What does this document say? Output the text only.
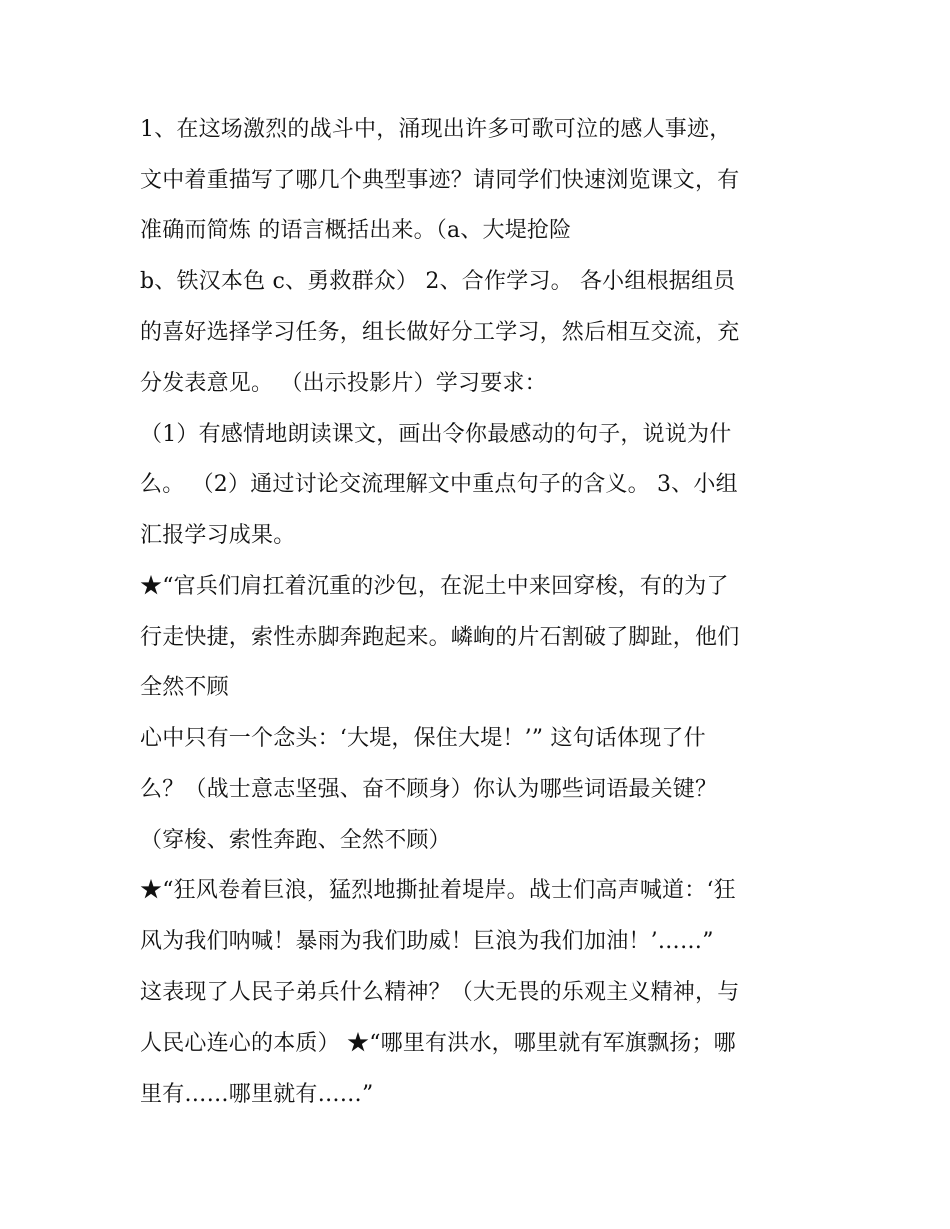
1、在这场激烈的战斗中，涌现出许多可歌可泣的感人事迹，
文中着重描写了哪几个典型事迹？请同学们快速浏览课文，有
准确而简炼 的语言概括出来。（a、大堤抢险
b、铁汉本色 c、勇救群众） 2、合作学习。 各小组根据组员
的喜好选择学习任务，组长做好分工学习，然后相互交流，充
分发表意见。 （出示投影片）学习要求：
（1）有感情地朗读课文，画出令你最感动的句子，说说为什
么。 （2）通过讨论交流理解文中重点句子的含义。 3、小组
汇报学习成果。
★“官兵们肩扛着沉重的沙包，在泥土中来回穿梭，有的为了
行走快捷，索性赤脚奔跑起来。嶙峋的片石割破了脚趾，他们
全然不顾
心中只有一个念头：‘大堤，保住大堤！’” 这句话体现了什
么？（战士意志坚强、奋不顾身）你认为哪些词语最关键？
（穿梭、索性奔跑、全然不顾）
★“狂风卷着巨浪，猛烈地撕扯着堤岸。战士们高声喊道：‘狂
风为我们呐喊！暴雨为我们助威！巨浪为我们加油！’……”
这表现了人民子弟兵什么精神？（大无畏的乐观主义精神，与
人民心连心的本质） ★“哪里有洪水，哪里就有军旗飘扬；哪
里有……哪里就有……”
